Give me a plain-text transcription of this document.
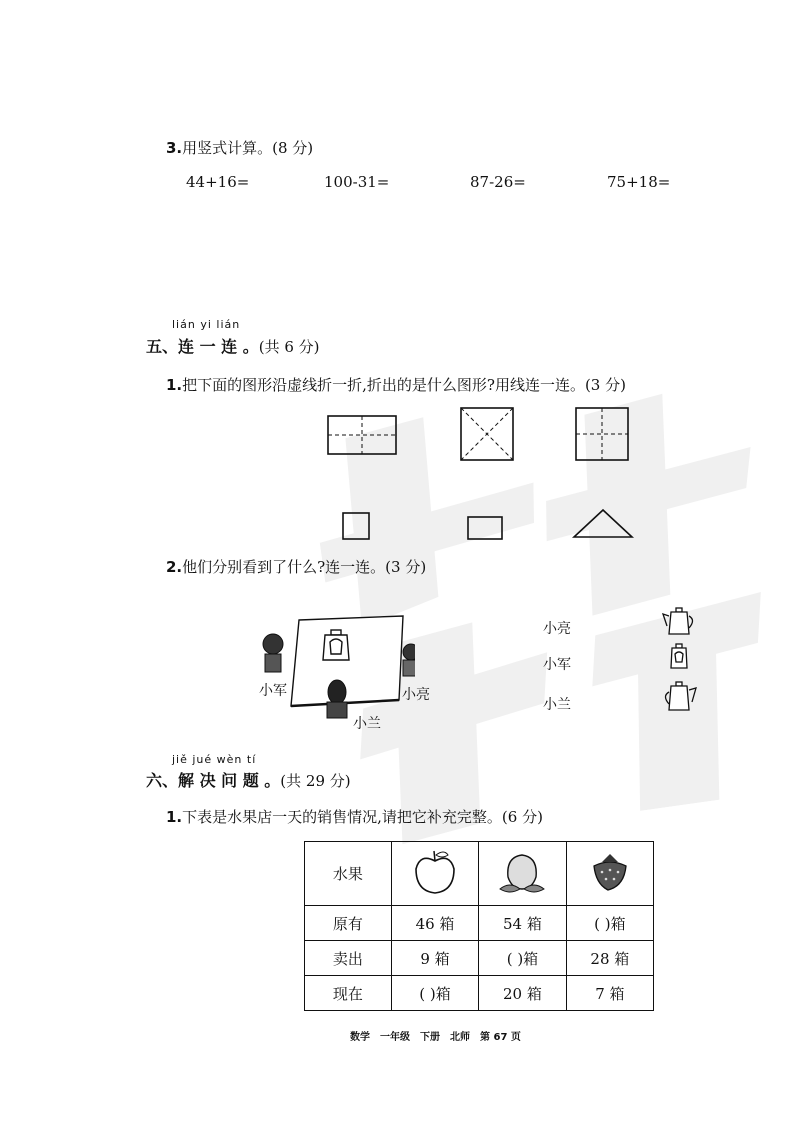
3.用竖式计算。(8 分)
44+16=	100-31=	87-26=	75+18=
lián yi lián
五、连 一 连 。(共 6 分)
1.把下面的图形沿虚线折一折,折出的是什么图形?用线连一连。(3 分)
2.他们分别看到了什么?连一连。(3 分)
小军	小亮
小兰
小亮
小军
小兰
jiě jué wèn tí
六、解 决 问 题 。(共 29 分)
1.下表是水果店一天的销售情况,请把它补充完整。(6 分)
水果			
原有	46 箱	54 箱	( )箱
卖出	9 箱	( )箱	28 箱
现在	( )箱	20 箱	7 箱
数学　一年级　下册　北师　第 67 页
